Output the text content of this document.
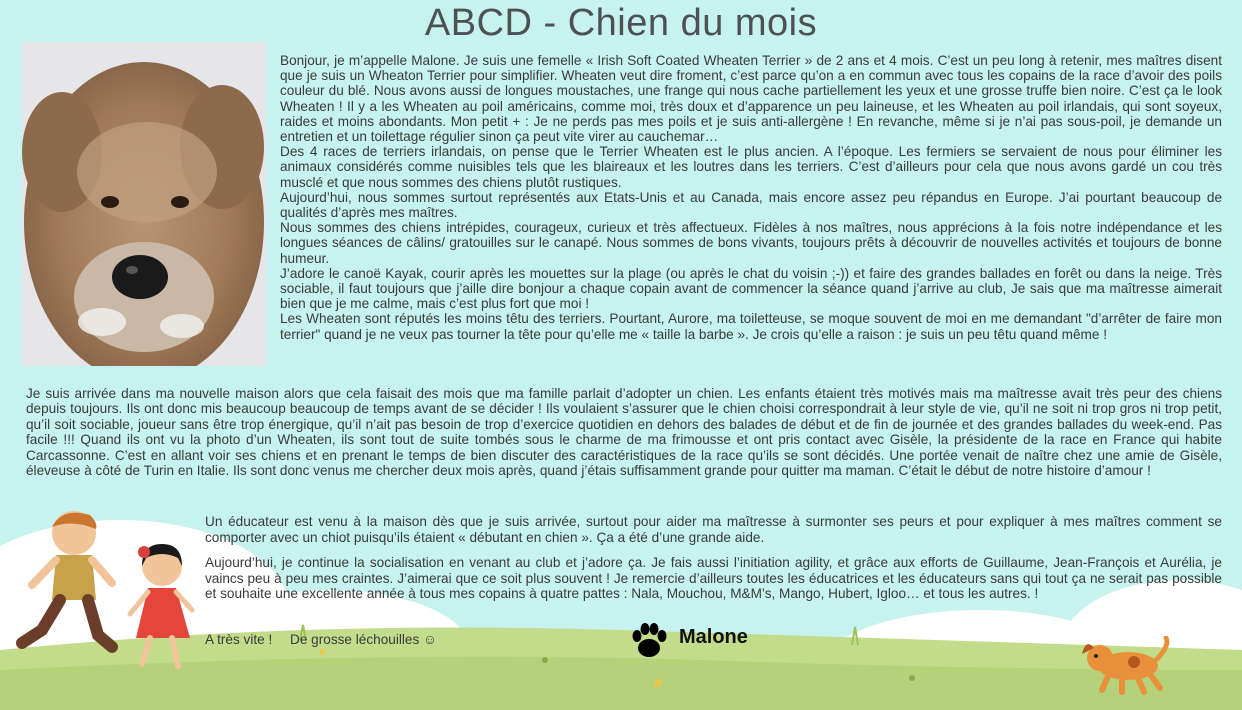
ABCD - Chien du mois

Bonjour, je m’appelle Malone. Je suis une femelle « Irish Soft Coated Wheaten Terrier » de 2 ans et 4 mois. C’est un peu long à retenir, mes maîtres disent que je suis un Wheaton Terrier pour simplifier. Wheaten veut dire froment, c’est parce qu’on a en commun avec tous les copains de la race d’avoir des poils couleur du blé. Nous avons aussi de longues moustaches, une frange qui nous cache partiellement les yeux et une grosse truffe bien noire. C’est ça le look Wheaten ! Il y a les Wheaten au poil américains, comme moi, très doux et d’apparence un peu laineuse, et les Wheaten au poil irlandais, qui sont soyeux, raides et moins abondants. Mon petit + : Je ne perds pas mes poils et je suis anti-allergène ! En revanche, même si je n’ai pas sous-poil, je demande un entretien et un toilettage régulier sinon ça peut vite virer au cauchemar…

Des 4 races de terriers irlandais, on pense que le Terrier Wheaten est le plus ancien. A l’époque. Les fermiers se servaient de nous pour éliminer les animaux considérés comme nuisibles tels que les blaireaux et les loutres dans les terriers. C’est d’ailleurs pour cela que nous avons gardé un cou très musclé et que nous sommes des chiens plutôt rustiques.

Aujourd’hui, nous sommes surtout représentés aux Etats-Unis et au Canada, mais encore assez peu répandus en Europe. J’ai pourtant beaucoup de qualités d’après mes maîtres.

Nous sommes des chiens intrépides, courageux, curieux et très affectueux. Fidèles à nos maîtres, nous apprécions à la fois notre indépendance et les longues séances de câlins/ gratouilles sur le canapé. Nous sommes de bons vivants, toujours prêts à découvrir de nouvelles activités et toujours de bonne humeur.

J’adore le canoë Kayak, courir après les mouettes sur la plage (ou après le chat du voisin ;-)) et faire des grandes ballades en forêt ou dans la neige. Très sociable, il faut toujours que j’aille dire bonjour a chaque copain avant de commencer la séance quand j’arrive au club, Je sais que ma maîtresse aimerait bien que je me calme, mais c’est plus fort que moi !

Les Wheaten sont réputés les moins têtu des terriers. Pourtant, Aurore, ma toiletteuse, se moque souvent de moi en me demandant "d’arrêter de faire mon terrier" quand je ne veux pas tourner la tête pour qu’elle me « taille la barbe ». Je crois qu’elle a raison : je suis un peu têtu quand même !

Je suis arrivée dans ma nouvelle maison alors que cela faisait des mois que ma famille parlait d’adopter un chien. Les enfants étaient très motivés mais ma maîtresse avait très peur des chiens depuis toujours. Ils ont donc mis beaucoup beaucoup de temps avant de se décider ! Ils voulaient s’assurer que le chien choisi correspondrait à leur style de vie, qu’il ne soit ni trop gros ni trop petit, qu’il soit sociable, joueur sans être trop énergique, qu’il n’ait pas besoin de trop d’exercice quotidien en dehors des balades de début et de fin de journée et des grandes ballades du week-end. Pas facile !!! Quand ils ont vu la photo d’un Wheaten, ils sont tout de suite tombés sous le charme de ma frimousse et ont pris contact avec Gisèle, la présidente de la race en France qui habite Carcassonne. C’est en allant voir ses chiens et en prenant le temps de bien discuter des caractéristiques de la race qu’ils se sont décidés. Une portée venait de naître chez une amie de Gisèle, éleveuse à côté de Turin en Italie. Ils sont donc venus me chercher deux mois après, quand j’étais suffisamment grande pour quitter ma maman. C’était le début de notre histoire d’amour !

Un éducateur est venu à la maison dès que je suis arrivée, surtout pour aider ma maîtresse à surmonter ses peurs et pour expliquer à mes maîtres comment se comporter avec un chiot puisqu’ils étaient « débutant en chien ». Ça a été d’une grande aide.

Aujourd’hui, je continue la socialisation en venant au club et j’adore ça. Je fais aussi l’initiation agility, et grâce aux efforts de Guillaume, Jean-François et Aurélia, je vaincs peu à peu mes craintes. J’aimerai que ce soit plus souvent ! Je remercie d’ailleurs toutes les éducatrices et les éducateurs sans qui tout ça ne serait pas possible et souhaite une excellente année à tous mes copains à quatre pattes : Nala, Mouchou, M&M’s, Mango, Hubert, Igloo… et tous les autres. !

A très vite ! De grosse léchouilles ☺	Malone
